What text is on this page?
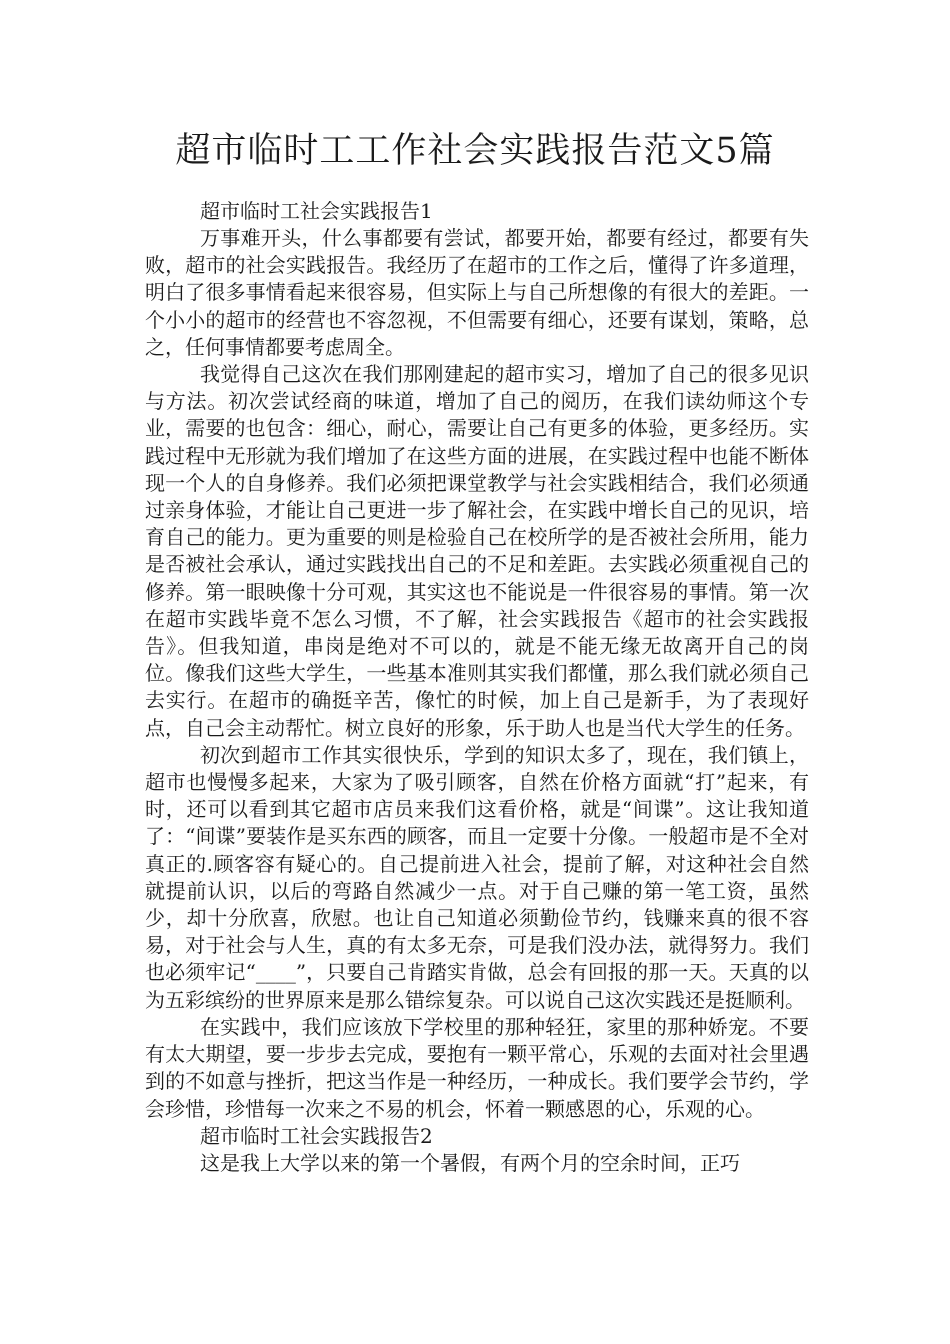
超市临时工工作社会实践报告范文5篇
超市临时工社会实践报告1

万事难开头，什么事都要有尝试，都要开始，都要有经过，都要有失败，超市的社会实践报告。我经历了在超市的工作之后，懂得了许多道理，明白了很多事情看起来很容易，但实际上与自己所想像的有很大的差距。一个小小的超市的经营也不容忽视，不但需要有细心，还要有谋划，策略，总之，任何事情都要考虑周全。

我觉得自己这次在我们那刚建起的超市实习，增加了自己的很多见识与方法。初次尝试经商的味道，增加了自己的阅历，在我们读幼师这个专业，需要的也包含：细心，耐心，需要让自己有更多的体验，更多经历。实践过程中无形就为我们增加了在这些方面的进展，在实践过程中也能不断体现一个人的自身修养。我们必须把课堂教学与社会实践相结合，我们必须通过亲身体验，才能让自己更进一步了解社会，在实践中增长自己的见识，培育自己的能力。更为重要的则是检验自己在校所学的是否被社会所用，能力是否被社会承认，通过实践找出自己的不足和差距。去实践必须重视自己的修养。第一眼映像十分可观，其实这也不能说是一件很容易的事情。第一次在超市实践毕竟不怎么习惯，不了解，社会实践报告《超市的社会实践报告》。但我知道，串岗是绝对不可以的，就是不能无缘无故离开自己的岗位。像我们这些大学生，一些基本准则其实我们都懂，那么我们就必须自己去实行。在超市的确挺辛苦，像忙的时候，加上自己是新手，为了表现好点，自己会主动帮忙。树立良好的形象，乐于助人也是当代大学生的任务。

初次到超市工作其实很快乐，学到的知识太多了，现在，我们镇上，超市也慢慢多起来，大家为了吸引顾客，自然在价格方面就“打”起来，有时，还可以看到其它超市店员来我们这看价格，就是“间谍”。这让我知道了：“间谍”要装作是买东西的顾客，而且一定要十分像。一般超市是不全对真正的.顾客容有疑心的。自己提前进入社会，提前了解，对这种社会自然就提前认识，以后的弯路自然减少一点。对于自己赚的第一笔工资，虽然少，却十分欣喜，欣慰。也让自己知道必须勤俭节约，钱赚来真的很不容易，对于社会与人生，真的有太多无奈，可是我们没办法，就得努力。我们也必须牢记“____”，只要自己肯踏实肯做，总会有回报的那一天。天真的以为五彩缤纷的世界原来是那么错综复杂。可以说自己这次实践还是挺顺利。

在实践中，我们应该放下学校里的那种轻狂，家里的那种娇宠。不要有太大期望，要一步步去完成，要抱有一颗平常心，乐观的去面对社会里遇到的不如意与挫折，把这当作是一种经历，一种成长。我们要学会节约，学会珍惜，珍惜每一次来之不易的机会，怀着一颗感恩的心，乐观的心。

超市临时工社会实践报告2

这是我上大学以来的第一个暑假，有两个月的空余时间，正巧
